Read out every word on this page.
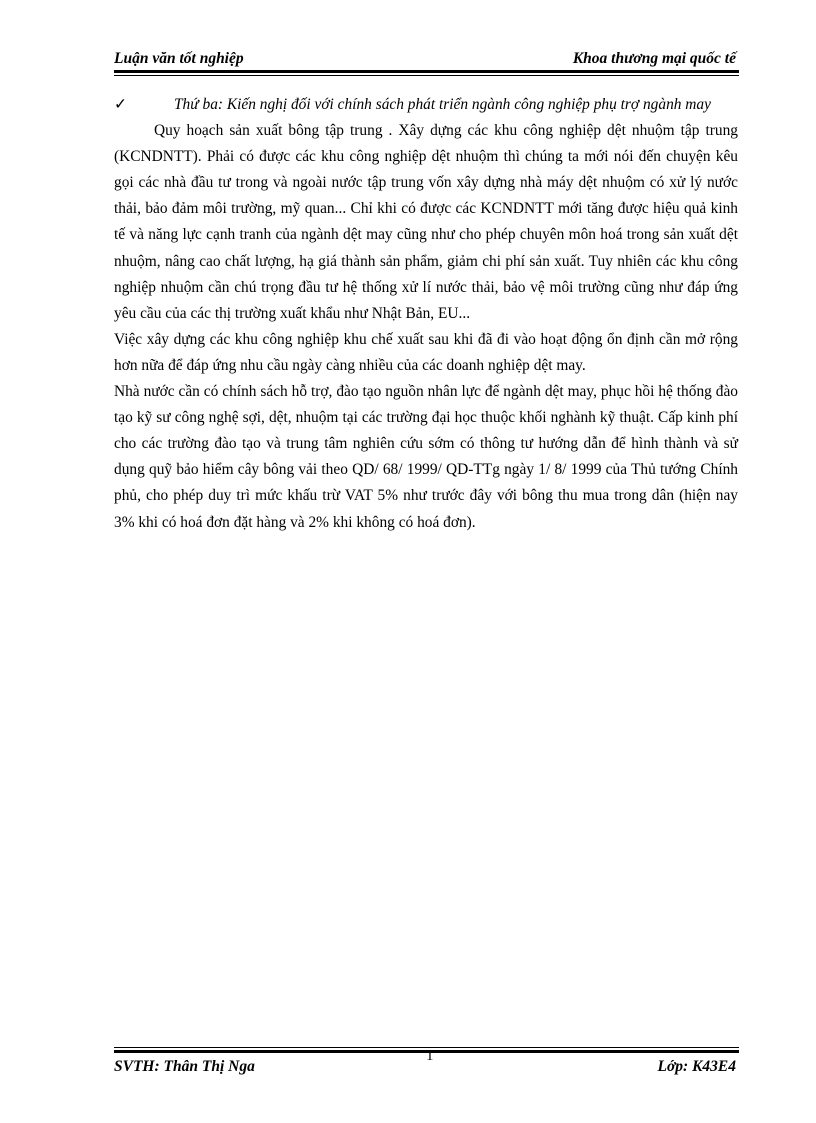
Luận văn tốt nghiệp	Khoa thương mại quốc tế

✓	Thứ ba: Kiến nghị đối với chính sách phát triển ngành công nghiệp phụ trợ ngành may

Quy hoạch sản xuất bông tập trung . Xây dựng các khu công nghiệp dệt nhuộm tập trung (KCNDNTT). Phải có được các khu công nghiệp dệt nhuộm thì chúng ta mới nói đến chuyện kêu gọi các nhà đầu tư trong và ngoài nước tập trung vốn xây dựng nhà máy dệt nhuộm có xử lý nước thải, bảo đảm môi trường, mỹ quan... Chỉ khi có được các KCNDNTT mới tăng được hiệu quả kinh tế và năng lực cạnh tranh của ngành dệt may cũng như cho phép chuyên môn hoá trong sản xuất dệt nhuộm, nâng cao chất lượng, hạ giá thành sản phẩm, giảm chi phí sản xuất. Tuy nhiên các khu công nghiệp nhuộm cần chú trọng đầu tư hệ thống xử lí nước thải, bảo vệ môi trường cũng như đáp ứng yêu cầu của các thị trường xuất khẩu như Nhật Bản, EU...

Việc xây dựng các khu công nghiệp khu chế xuất sau khi đã đi vào hoạt động ổn định cần mở rộng hơn nữa để đáp ứng nhu cầu ngày càng nhiều của các doanh nghiệp dệt may.

Nhà nước cần có chính sách hỗ trợ, đào tạo nguồn nhân lực để ngành dệt may, phục hồi hệ thống đào tạo kỹ sư công nghệ sợi, dệt, nhuộm tại các trường đại học thuộc khối nghành kỹ thuật. Cấp kinh phí cho các trường đào tạo và trung tâm nghiên cứu sớm có thông tư hướng dẫn để hình thành và sử dụng quỹ bảo hiểm cây bông vải theo QD/ 68/ 1999/ QD-TTg ngày 1/ 8/ 1999 của Thủ tướng Chính phủ, cho phép duy trì mức khấu trừ VAT 5% như trước đây với bông thu mua trong dân (hiện nay 3% khi có hoá đơn đặt hàng và 2% khi không có hoá đơn).

SVTH: Thân Thị Nga
1
Lớp: K43E4
